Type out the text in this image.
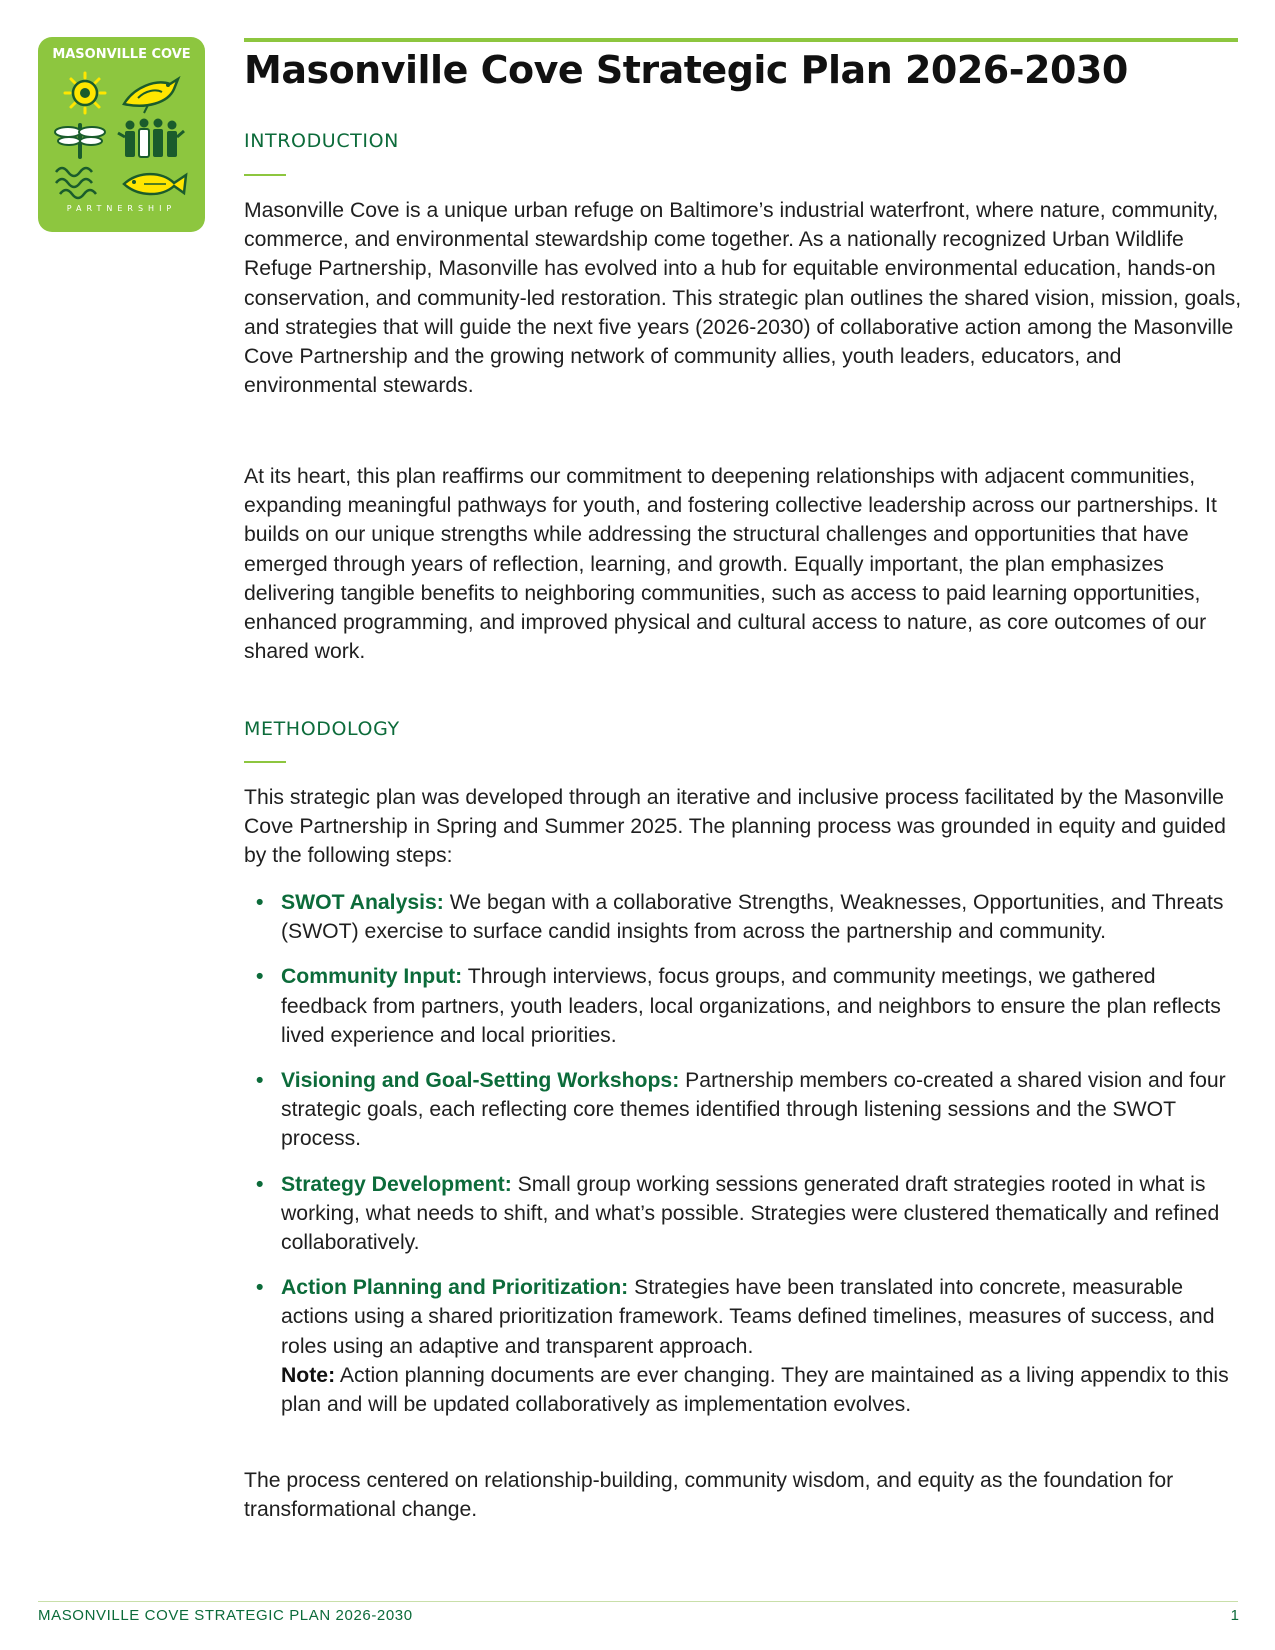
MASONVILLE COVE
PARTNERSHIP
Masonville Cove Strategic Plan 2026-2030
INTRODUCTION

Masonville Cove is a unique urban refuge on Baltimore’s industrial waterfront, where nature, community, commerce, and environmental stewardship come together. As a nationally recognized Urban Wildlife Refuge Partnership, Masonville has evolved into a hub for equitable environmental education, hands-on conservation, and community-led restoration. This strategic plan outlines the shared vision, mission, goals, and strategies that will guide the next five years (2026-2030) of collaborative action among the Masonville Cove Partnership and the growing network of community allies, youth leaders, educators, and environmental stewards.

At its heart, this plan reaffirms our commitment to deepening relationships with adjacent communities, expanding meaningful pathways for youth, and fostering collective leadership across our partnerships. It builds on our unique strengths while addressing the structural challenges and opportunities that have emerged through years of reflection, learning, and growth. Equally important, the plan emphasizes delivering tangible benefits to neighboring communities, such as access to paid learning opportunities, enhanced programming, and improved physical and cultural access to nature, as core outcomes of our shared work.

METHODOLOGY

This strategic plan was developed through an iterative and inclusive process facilitated by the Masonville Cove Partnership in Spring and Summer 2025. The planning process was grounded in equity and guided by the following steps:

• SWOT Analysis: We began with a collaborative Strengths, Weaknesses, Opportunities, and Threats (SWOT) exercise to surface candid insights from across the partnership and community.
• Community Input: Through interviews, focus groups, and community meetings, we gathered feedback from partners, youth leaders, local organizations, and neighbors to ensure the plan reflects lived experience and local priorities.
• Visioning and Goal-Setting Workshops: Partnership members co-created a shared vision and four strategic goals, each reflecting core themes identified through listening sessions and the SWOT process.
• Strategy Development: Small group working sessions generated draft strategies rooted in what is working, what needs to shift, and what’s possible. Strategies were clustered thematically and refined collaboratively.
• Action Planning and Prioritization: Strategies have been translated into concrete, measurable actions using a shared prioritization framework. Teams defined timelines, measures of success, and roles using an adaptive and transparent approach.
Note: Action planning documents are ever changing. They are maintained as a living appendix to this plan and will be updated collaboratively as implementation evolves.

The process centered on relationship-building, community wisdom, and equity as the foundation for transformational change.

MASONVILLE COVE STRATEGIC PLAN 2026-2030	1
